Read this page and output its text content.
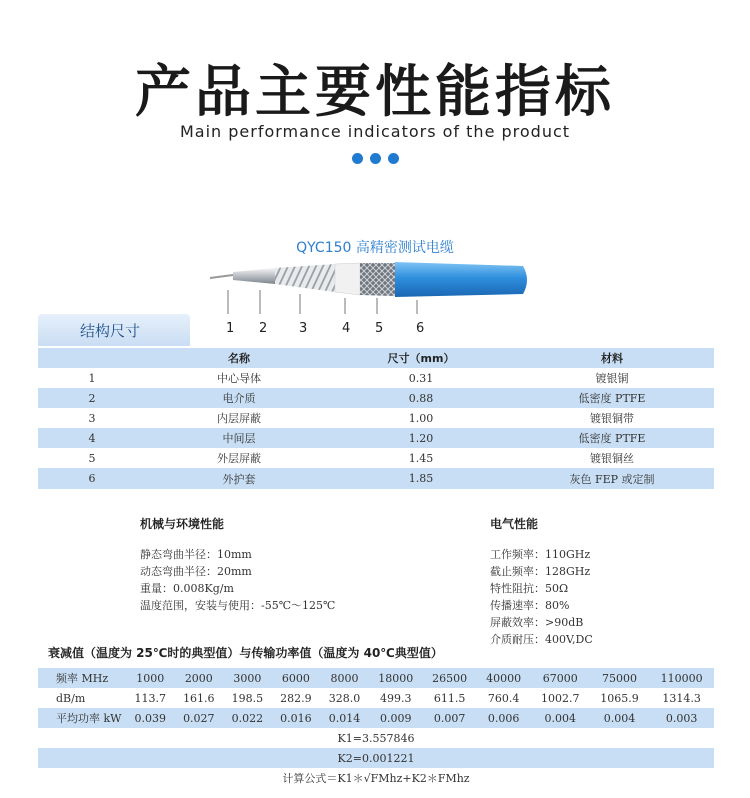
产品主要性能指标
Main performance indicators of the product
QYC150 高精密测试电缆
1 2 3	4 5	6
结构尺寸
	名称	尺寸（mm）	材料
1	中心导体	0.31	镀银铜
2	电介质	0.88	低密度 PTFE
3	内层屏蔽	1.00	镀银铜带
4	中间层	1.20	低密度 PTFE
5	外层屏蔽	1.45	镀银铜丝
6	外护套	1.85	灰色 FEP 或定制
机械与环境性能
静态弯曲半径：10mm
动态弯曲半径：20mm
重量：0.008Kg/m
温度范围，安装与使用：-55℃～125℃
电气性能
工作频率：110GHz
截止频率：128GHz
特性阻抗：50Ω
传播速率：80%
屏蔽效率：>90dB
介质耐压：400V,DC
衰减值（温度为 25℃时的典型值）与传输功率值（温度为 40℃典型值）
频率 MHz	1000	2000	3000	6000	8000	18000	26500	40000	67000	75000	110000
dB/m	113.7	161.6	198.5	282.9	328.0	499.3	611.5	760.4	1002.7	1065.9	1314.3
平均功率 kW	0.039	0.027	0.022	0.016	0.014	0.009	0.007	0.006	0.004	0.004	0.003
K1=3.557846											
K2=0.001221											
计算公式＝K1＊√FMhz+K2＊FMhz											
